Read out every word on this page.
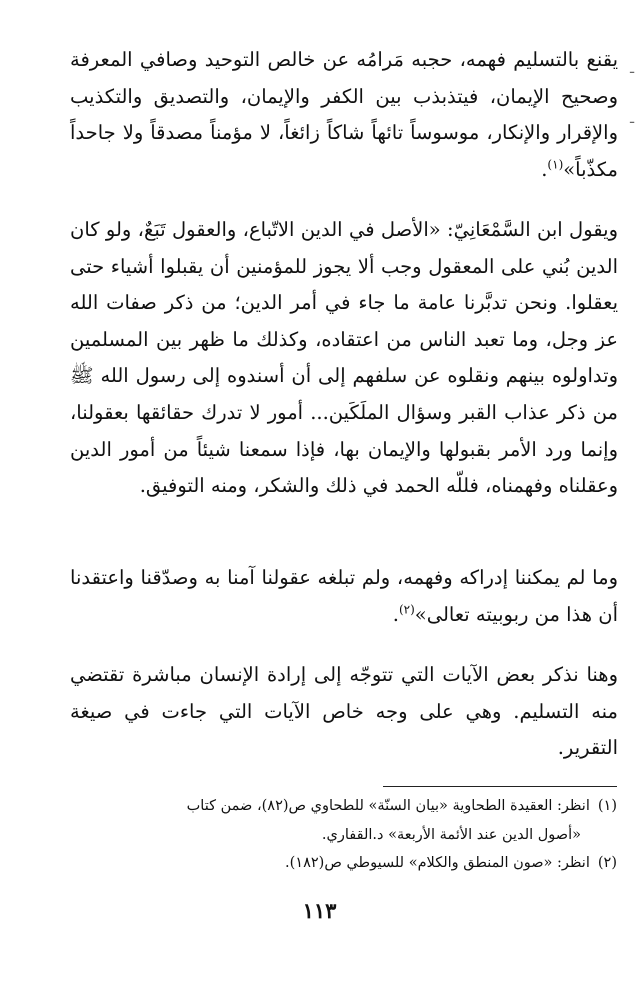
ـ
ـ

يقنع بالتسليم فهمه، حجبه مَرامُه عن خالص التوحيد وصافي المعرفة وصحيح الإيمان، فيتذبذب بين الكفر والإيمان، والتصديق والتكذيب والإقرار والإنكار، موسوساً تائهاً شاكاً زائغاً، لا مؤمناً مصدقاً ولا جاحداً مكذّباً»$^{(١)}$.

ويقول ابن السَّمْعَانِيّ: «الأصل في الدين الاتّباع، والعقول تَبَعٌ، ولو كان الدين بُني على المعقول وجب ألا يجوز للمؤمنين أن يقبلوا أشياء حتى يعقلوا. ونحن تدبَّرنا عامة ما جاء في أمر الدين؛ من ذكر صفات الله عز وجل، وما تعبد الناس من اعتقاده، وكذلك ما ظهر بين المسلمين وتداولوه بينهم ونقلوه عن سلفهم إلى أن أسندوه إلى رسول الله ﷺ من ذكر عذاب القبر وسؤال الملَكَين... أمور لا تدرك حقائقها بعقولنا، وإنما ورد الأمر بقبولها والإيمان بها، فإذا سمعنا شيئاً من أمور الدين وعقلناه وفهمناه، فللّه الحمد في ذلك والشكر، ومنه التوفيق.

وما لم يمكننا إدراكه وفهمه، ولم تبلغه عقولنا آمنا به وصدّقنا واعتقدنا أن هذا من ربوبيته تعالى»$^{(٢)}$.

وهنا نذكر بعض الآيات التي تتوجّه إلى إرادة الإنسان مباشرة تقتضي منه التسليم. وهي على وجه خاص الآيات التي جاءت في صيغة التقرير.

(١)انظر: العقيدة الطحاوية «بيان السنّة» للطحاوي ص(٨٢)، ضمن كتاب

«أصول الدين عند الأئمة الأربعة» د.القفاري.

(٢)انظر: «صون المنطق والكلام» للسيوطي ص(١٨٢).

١١٣
